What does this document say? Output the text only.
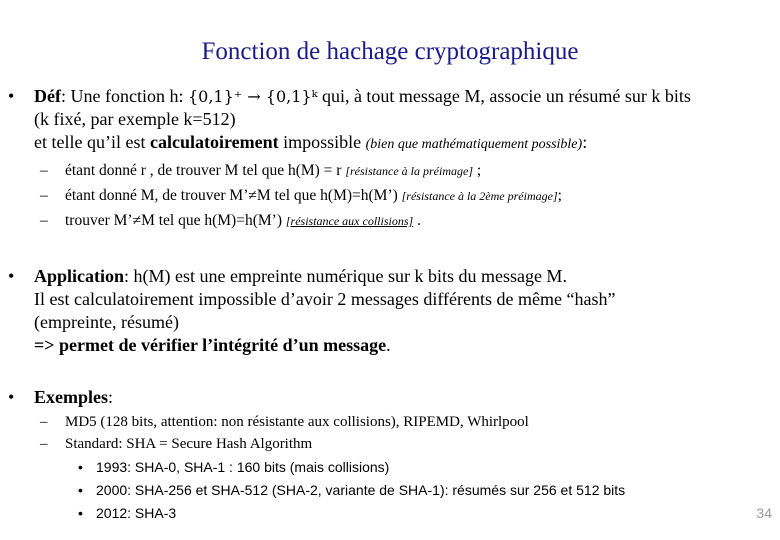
Fonction de hachage cryptographique
•	Déf: Une fonction h: {0,1}⁺ → {0,1}ᵏ qui, à tout message M, associe un résumé sur k bits
(k fixé, par exemple k=512)
et telle qu’il est calculatoirement impossible (bien que mathématiquement possible):
– étant donné r , de trouver M tel que h(M) = r [résistance à la préimage] ;
– étant donné M, de trouver M’≠M tel que h(M)=h(M’) [résistance à la 2ème préimage];
– trouver M’≠M tel que h(M)=h(M’) [résistance aux collisions] .
•	Application: h(M) est une empreinte numérique sur k bits du message M.
Il est calculatoirement impossible d’avoir 2 messages différents de même “hash”
(empreinte, résumé)
=> permet de vérifier l’intégrité d’un message.
•	Exemples:
– MD5 (128 bits, attention: non résistante aux collisions), RIPEMD, Whirlpool
– Standard: SHA = Secure Hash Algorithm
• 1993: SHA-0, SHA-1 : 160 bits (mais collisions)
• 2000: SHA-256 et SHA-512 (SHA-2, variante de SHA-1): résumés sur 256 et 512 bits
• 2012: SHA-3	34
